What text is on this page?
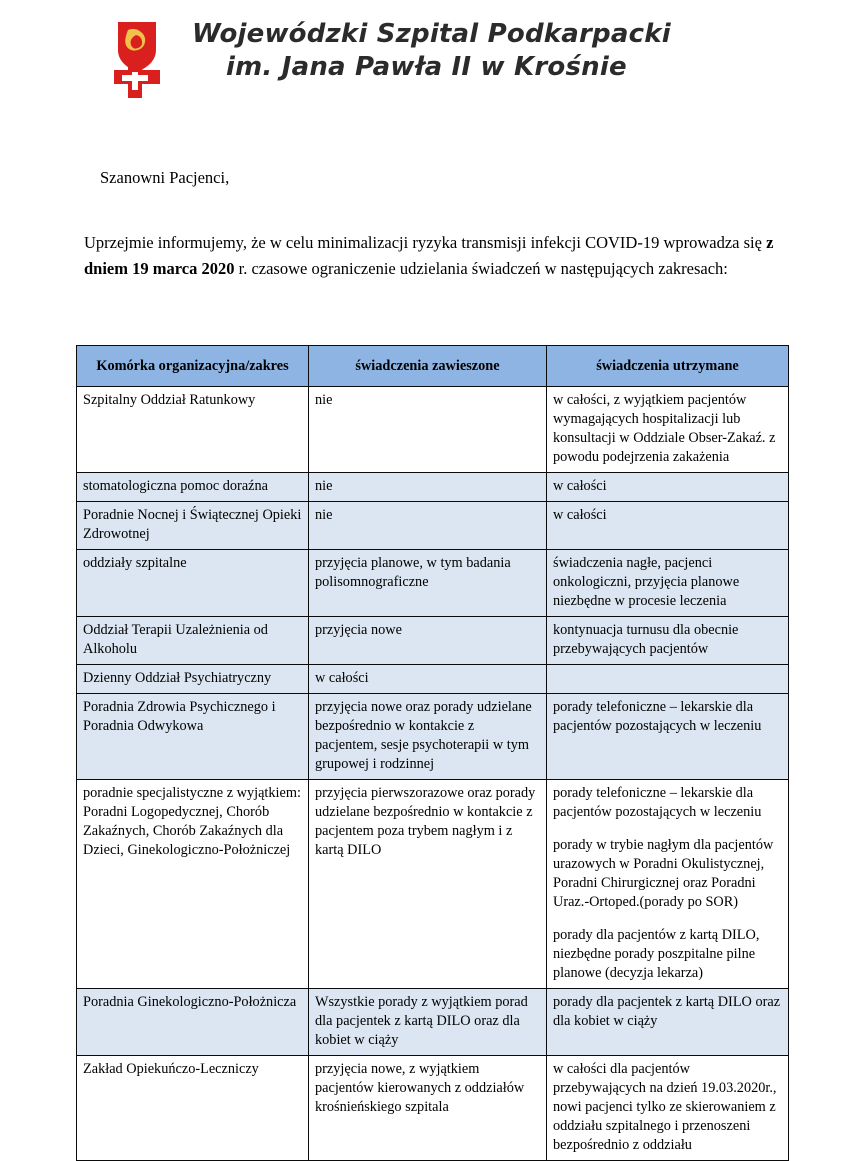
Wojewódzki Szpital Podkarpacki
im. Jana Pawła II w Krośnie
Szanowni Pacjenci,
Uprzejmie informujemy, że w celu minimalizacji ryzyka transmisji infekcji COVID-19 wprowadza się z dniem 19 marca 2020 r. czasowe ograniczenie udzielania świadczeń w następujących zakresach:
Komórka organizacyjna/zakres	świadczenia zawieszone	świadczenia utrzymane
Szpitalny Oddział Ratunkowy	nie	w całości, z wyjątkiem pacjentów wymagających hospitalizacji lub konsultacji w Oddziale Obser-Zakaź. z powodu podejrzenia zakażenia
stomatologiczna pomoc doraźna	nie	w całości
Poradnie Nocnej i Świątecznej Opieki Zdrowotnej	nie	w całości
oddziały szpitalne	przyjęcia planowe, w tym badania polisomnograficzne	świadczenia nagłe, pacjenci onkologiczni, przyjęcia planowe niezbędne w procesie leczenia
Oddział Terapii Uzależnienia od Alkoholu	przyjęcia nowe	kontynuacja turnusu dla obecnie przebywających pacjentów
Dzienny Oddział Psychiatryczny	w całości	
Poradnia Zdrowia Psychicznego i Poradnia Odwykowa	przyjęcia nowe oraz porady udzielane bezpośrednio w kontakcie z pacjentem, sesje psychoterapii w tym grupowej i rodzinnej	porady telefoniczne – lekarskie dla pacjentów pozostających w leczeniu
poradnie specjalistyczne z wyjątkiem: Poradni Logopedycznej, Chorób Zakaźnych, Chorób Zakaźnych dla Dzieci, Ginekologiczno-Położniczej	przyjęcia pierwszorazowe oraz porady udzielane bezpośrednio w kontakcie z pacjentem poza trybem nagłym i z kartą DILO	porady telefoniczne – lekarskie dla pacjentów pozostających w leczeniu
porady w trybie nagłym dla pacjentów urazowych w Poradni Okulistycznej, Poradni Chirurgicznej oraz Poradni Uraz.-Ortoped.(porady po SOR)
porady dla pacjentów z kartą DILO, niezbędne porady poszpitalne pilne planowe (decyzja lekarza)

Poradnia Ginekologiczno-Położnicza	Wszystkie porady z wyjątkiem porad dla pacjentek z kartą DILO oraz dla kobiet w ciąży	porady dla pacjentek z kartą DILO oraz dla kobiet w ciąży
Zakład Opiekuńczo-Leczniczy	przyjęcia nowe, z wyjątkiem pacjentów kierowanych z oddziałów krośnieńskiego szpitala	w całości dla pacjentów przebywających na dzień 19.03.2020r., nowi pacjenci tylko ze skierowaniem z oddziału szpitalnego i przenoszeni bezpośrednio z oddziału
